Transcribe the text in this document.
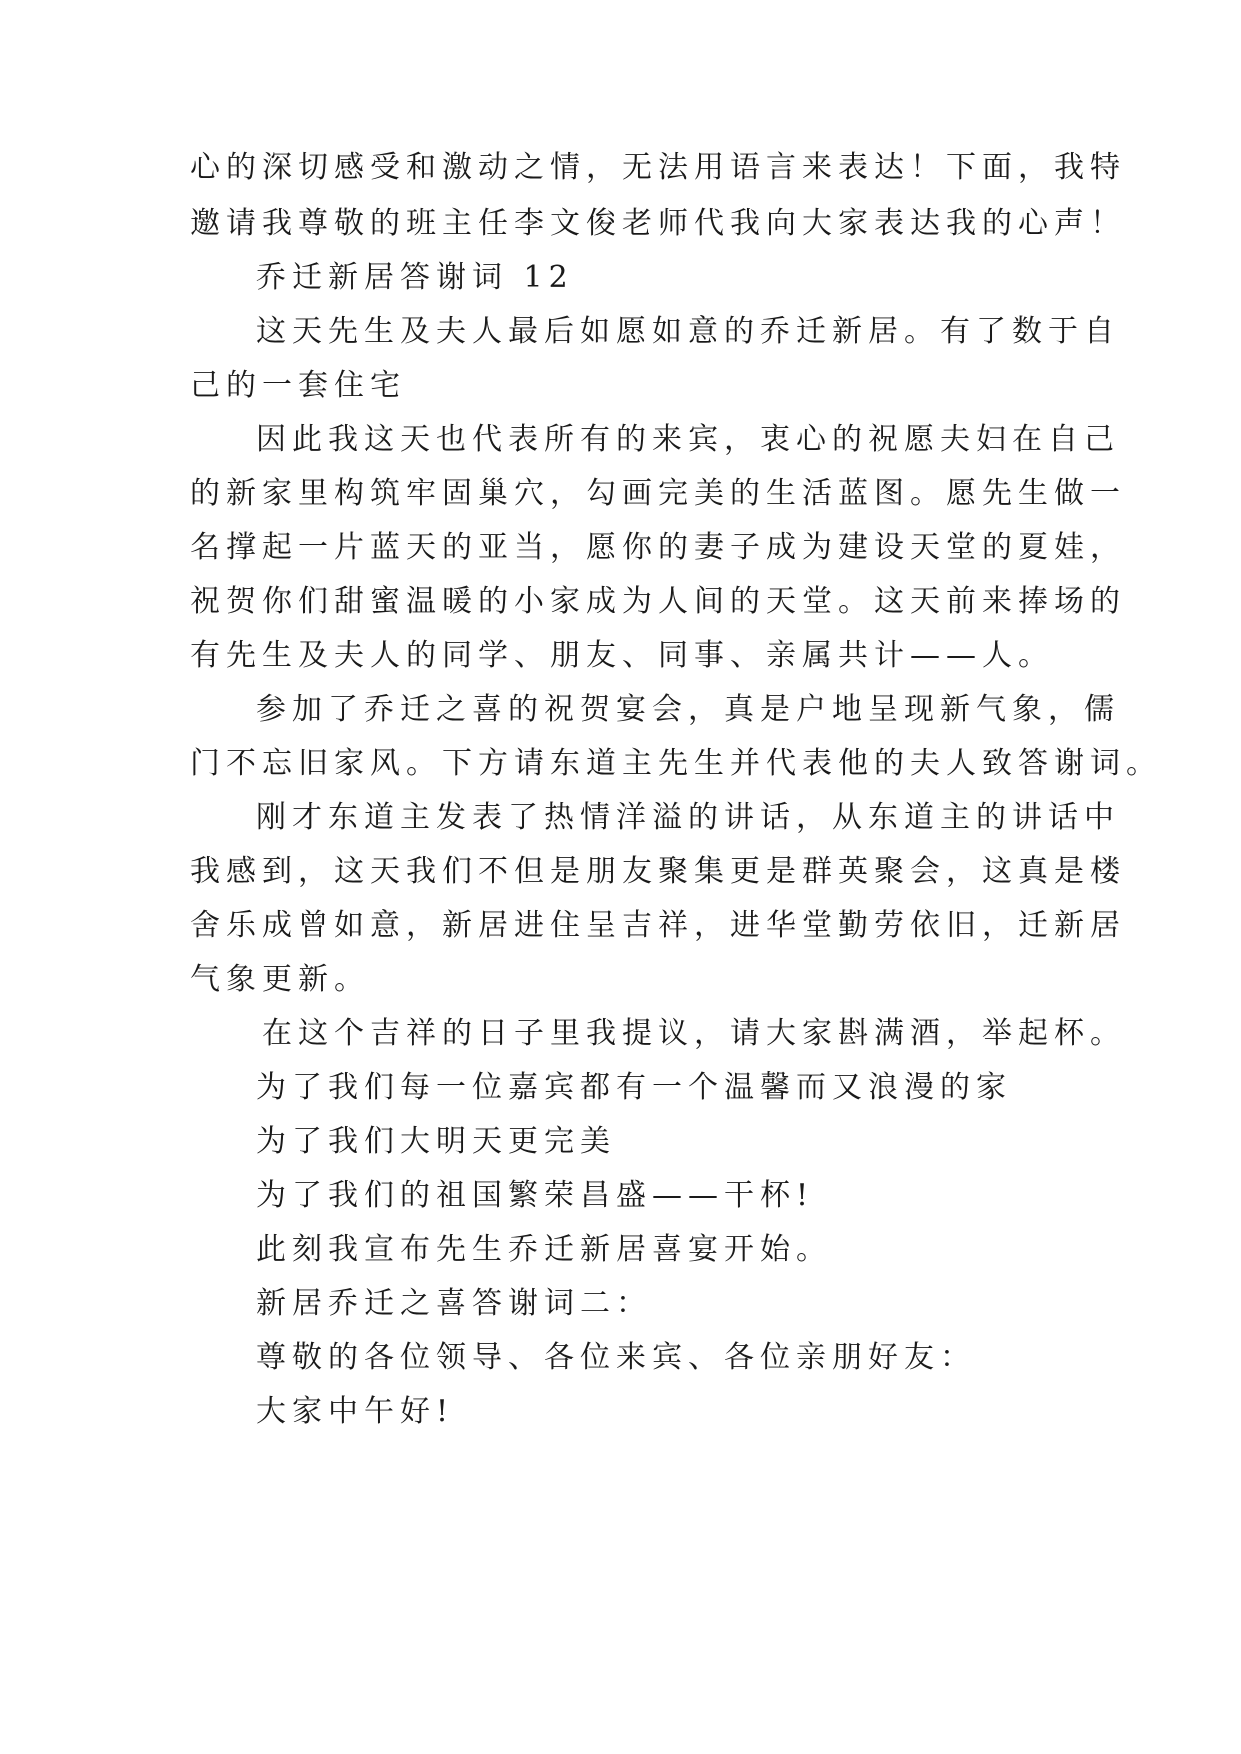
心的深切感受和激动之情，无法用语言来表达！下面，我特
邀请我尊敬的班主任李文俊老师代我向大家表达我的心声！
乔迁新居答谢词 12
这天先生及夫人最后如愿如意的乔迁新居。有了数于自
己的一套住宅
因此我这天也代表所有的来宾，衷心的祝愿夫妇在自己
的新家里构筑牢固巢穴，勾画完美的生活蓝图。愿先生做一
名撑起一片蓝天的亚当，愿你的妻子成为建设天堂的夏娃，
祝贺你们甜蜜温暖的小家成为人间的天堂。这天前来捧场的
有先生及夫人的同学、朋友、同事、亲属共计——人。
参加了乔迁之喜的祝贺宴会，真是户地呈现新气象，儒
门不忘旧家风。下方请东道主先生并代表他的夫人致答谢词。
刚才东道主发表了热情洋溢的讲话，从东道主的讲话中
我感到，这天我们不但是朋友聚集更是群英聚会，这真是楼
舍乐成曾如意，新居进住呈吉祥，进华堂勤劳依旧，迁新居
气象更新。
在这个吉祥的日子里我提议，请大家斟满酒，举起杯。
为了我们每一位嘉宾都有一个温馨而又浪漫的家
为了我们大明天更完美
为了我们的祖国繁荣昌盛——干杯!
此刻我宣布先生乔迁新居喜宴开始。
新居乔迁之喜答谢词二：
尊敬的各位领导、各位来宾、各位亲朋好友：
大家中午好!
